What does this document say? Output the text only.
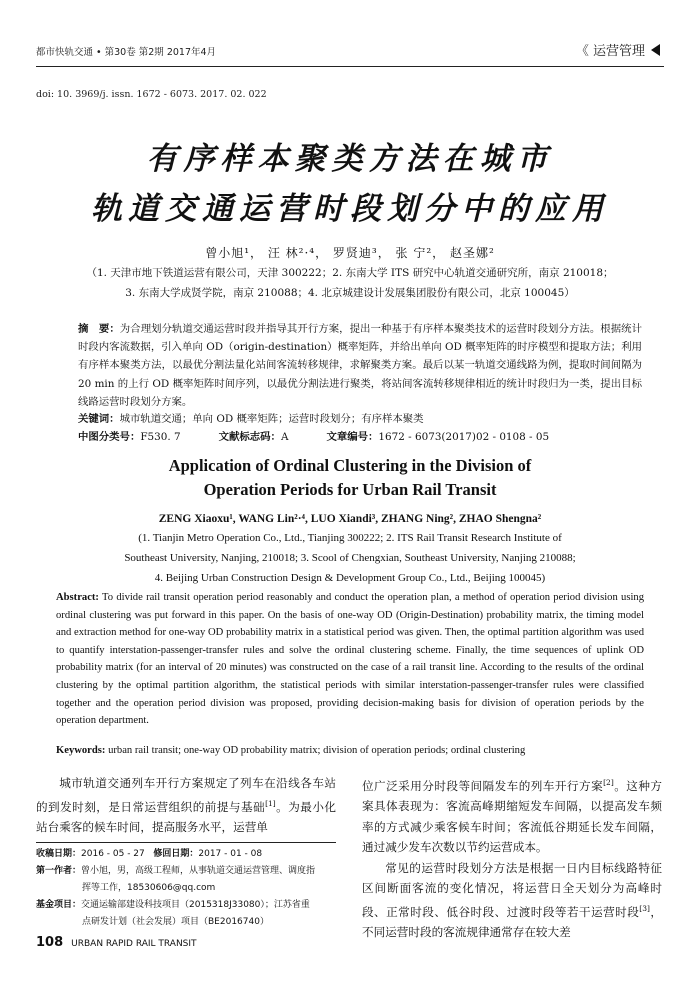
都市快轨交通 • 第30卷 第2期 2017年4月	《 运营管理
doi: 10. 3969/j. issn. 1672 - 6073. 2017. 02. 022
有序样本聚类方法在城市
轨道交通运营时段划分中的应用
曾小旭¹， 汪 林²·⁴， 罗贤迪³， 张 宁²， 赵圣娜²
（1. 天津市地下铁道运营有限公司，天津 300222；2. 东南大学 ITS 研究中心轨道交通研究所，南京 210018；
3. 东南大学成贤学院，南京 210088；4. 北京城建设计发展集团股份有限公司，北京 100045）
摘　要：为合理划分轨道交通运营时段并指导其开行方案，提出一种基于有序样本聚类技术的运营时段划分方法。根据统计时段内客流数据，引入单向 OD（origin-destination）概率矩阵，并给出单向 OD 概率矩阵的时序模型和提取方法；利用有序样本聚类方法，以最优分割法量化站间客流转移规律，求解聚类方案。最后以某一轨道交通线路为例，提取时间间隔为 20 min 的上行 OD 概率矩阵时间序列，以最优分割法进行聚类，将站间客流转移规律相近的统计时段归为一类，提出目标线路运营时段划分方案。
关键词：城市轨道交通；单向 OD 概率矩阵；运营时段划分；有序样本聚类
中图分类号：F530. 7	文献标志码：A	文章编号：1672 - 6073(2017)02 - 0108 - 05
Application of Ordinal Clustering in the Division of
Operation Periods for Urban Rail Transit
ZENG Xiaoxu¹, WANG Lin²·⁴, LUO Xiandi³, ZHANG Ning², ZHAO Shengna²
(1. Tianjin Metro Operation Co., Ltd., Tianjing 300222; 2. ITS Rail Transit Research Institute of
Southeast University, Nanjing, 210018; 3. Scool of Chengxian, Southeast University, Nanjing 210088;
4. Beijing Urban Construction Design & Development Group Co., Ltd., Beijing 100045)
Abstract: To divide rail transit operation period reasonably and conduct the operation plan, a method of operation period division using ordinal clustering was put forward in this paper. On the basis of one-way OD (Origin-Destination) probability matrix, the timing model and extraction method for one-way OD probability matrix in a statistical period was given. Then, the optimal partition algorithm was used to quantify interstation-passenger-transfer rules and solve the ordinal clustering scheme. Finally, the time sequences of uplink OD probability matrix (for an interval of 20 minutes) was constructed on the case of a rail transit line. According to the results of the ordinal clustering by the optimal partition algorithm, the statistical periods with similar interstation-passenger-transfer rules were classified together and the operation period division was proposed, providing decision-making basis for division of operation periods by the operation department.
Keywords: urban rail transit; one-way OD probability matrix; division of operation periods; ordinal clustering
城市轨道交通列车开行方案规定了列车在沿线各车站的到发时刻，是日常运营组织的前提与基础[1]。为最小化站台乘客的候车时间，提高服务水平，运营单
收稿日期：2016 - 05 - 27 修回日期：2017 - 01 - 08
第一作者：曾小旭，男，高级工程师，从事轨道交通运营管理、调度指
挥等工作，18530606@qq.com
基金项目：交通运输部建设科技项目（2015318J33080）；江苏省重
点研发计划（社会发展）项目（BE2016740）

位广泛采用分时段等间隔发车的列车开行方案[2]。这种方案具体表现为：客流高峰期缩短发车间隔，以提高发车频率的方式减少乘客候车时间；客流低谷期延长发车间隔，通过减少发车次数以节约运营成本。

常见的运营时段划分方法是根据一日内目标线路特征区间断面客流的变化情况，将运营日全天划分为高峰时段、正常时段、低谷时段、过渡时段等若干运营时段[3]，不同运营时段的客流规律通常存在较大差

108 URBAN RAPID RAIL TRANSIT
